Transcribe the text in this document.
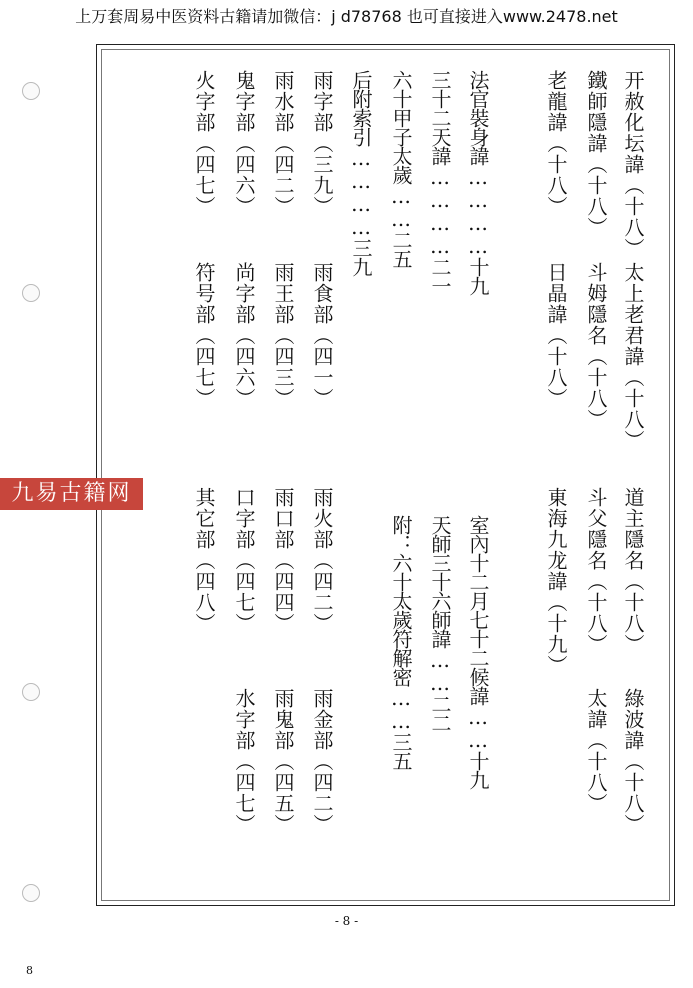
上万套周易中医资料古籍请加微信：j d78768 也可直接进入www.2478.net
九易古籍网
开赦化坛諱（十八）
太上老君諱（十八）
道主隱名（十八）
綠波諱（十八）
鐵師隱諱（十八）
斗姆隱名（十八）
斗父隱名（十八）
太諱（十八）
老龍諱（十八）
日晶諱（十八）
東海九龙諱（十九）
法官裝身諱…………十九
室內十二月七十二候諱……十九
三十二天諱…………二一
天師三十六師諱……二二
六十甲子太歲……二五
附：六十太歲符解密……三五
后附索引…………三九
雨字部（三九）
雨食部（四一）
雨火部（四二）
雨金部（四二）
雨水部（四二）
雨王部（四三）
雨口部（四四）
雨鬼部（四五）
鬼字部（四六）
尚字部（四六）
口字部（四七）
水字部（四七）
火字部（四七）
符号部（四七）
其它部（四八）
- 8 -
8
